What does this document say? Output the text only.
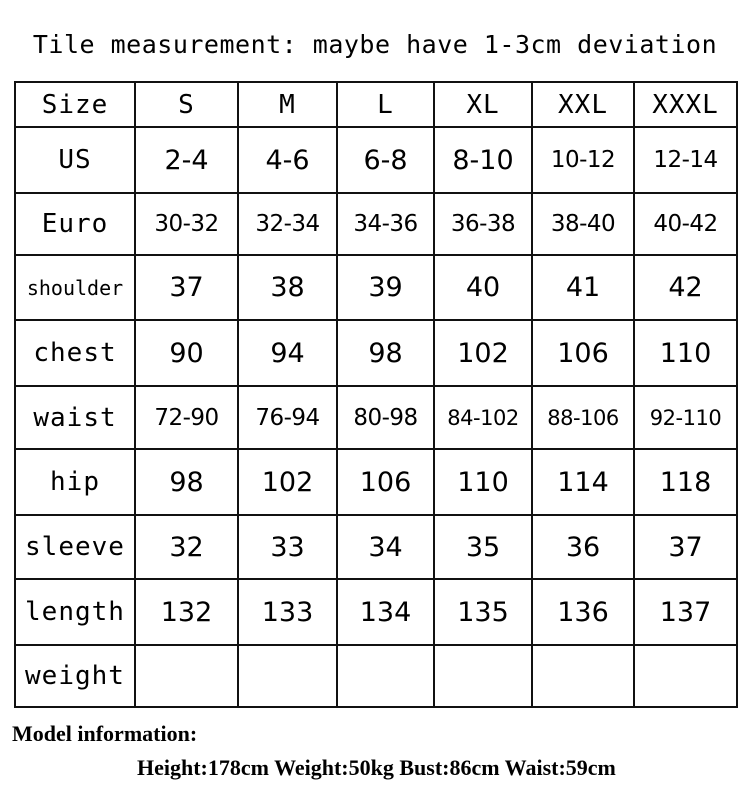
Tile measurement: maybe have 1-3cm deviation
Size	S	M	L	XL	XXL	XXXL
US	2-4	4-6	6-8	8-10	10-12	12-14
Euro	30-32	32-34	34-36	36-38	38-40	40-42
shoulder	37	38	39	40	41	42
chest	90	94	98	102	106	110
waist	72-90	76-94	80-98	84-102	88-106	92-110
hip	98	102	106	110	114	118
sleeve	32	33	34	35	36	37
length	132	133	134	135	136	137
weight						
Model information:
Height:178cm Weight:50kg Bust:86cm Waist:59cm
